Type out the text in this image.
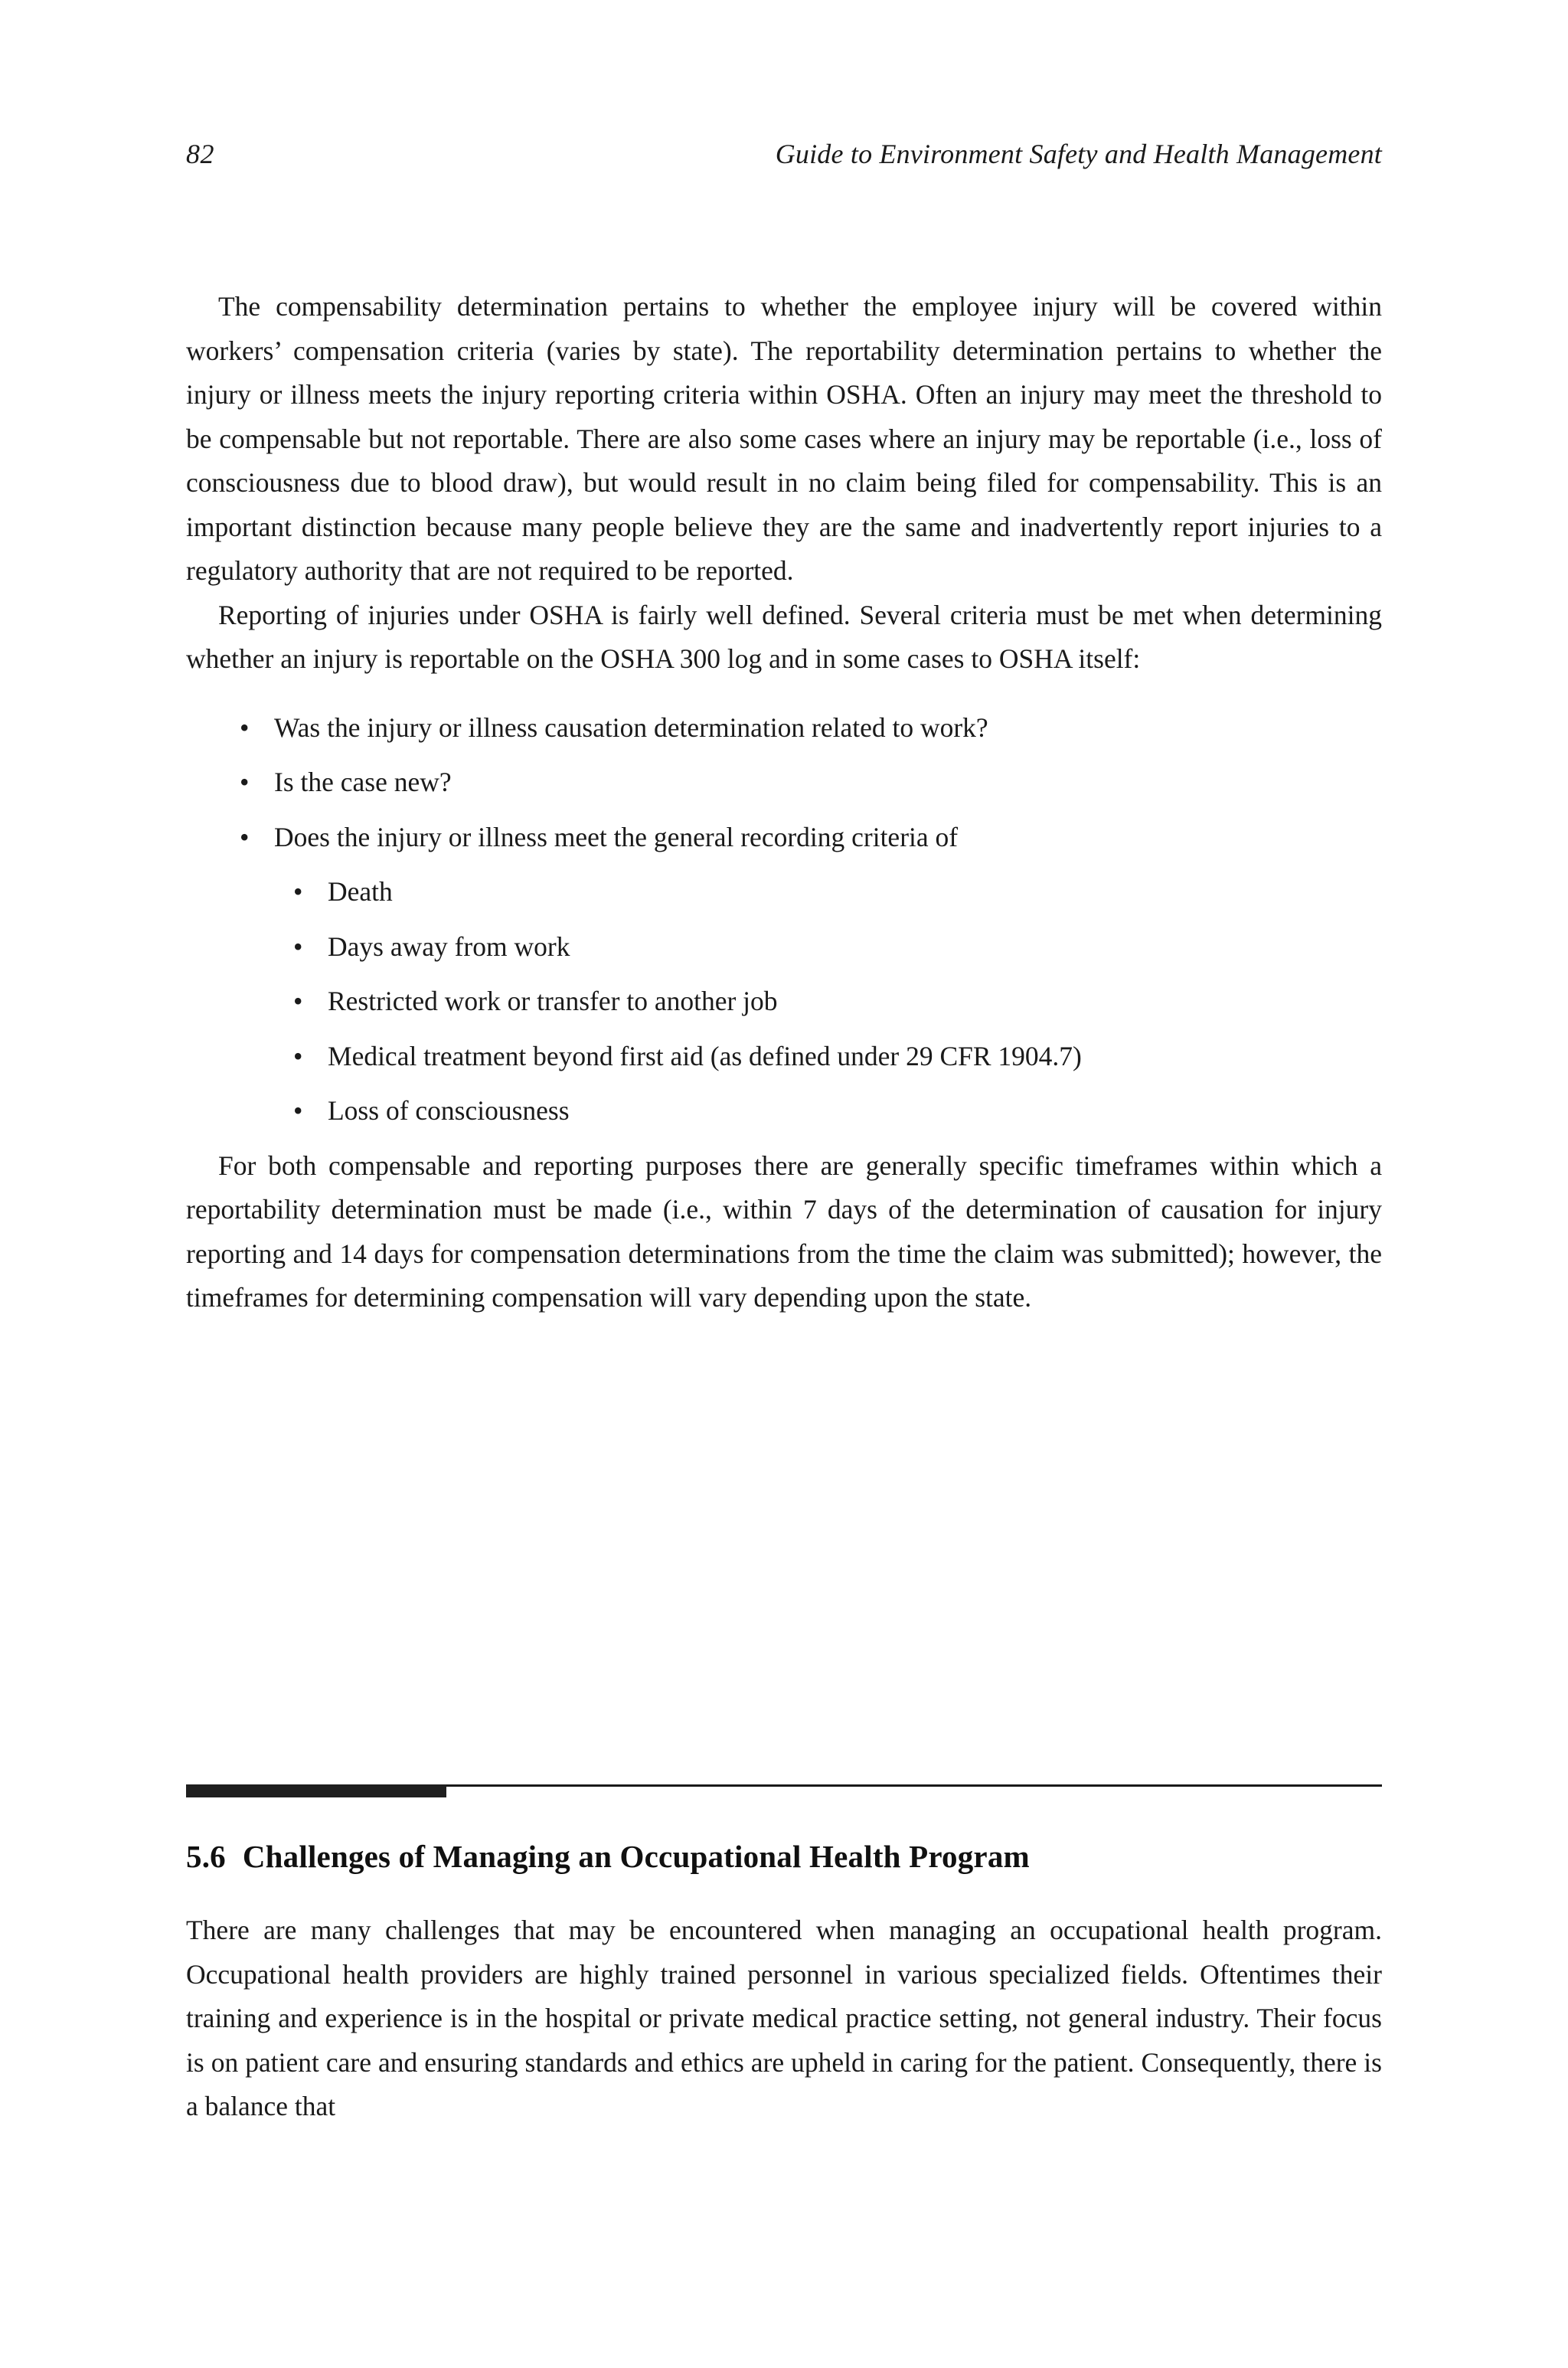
82	Guide to Environment Safety and Health Management

The compensability determination pertains to whether the employee injury will be covered within workers’ compensation criteria (varies by state). The reportability determination pertains to whether the injury or illness meets the injury reporting criteria within OSHA. Often an injury may meet the threshold to be compensable but not reportable. There are also some cases where an injury may be reportable (i.e., loss of consciousness due to blood draw), but would result in no claim being filed for compensability. This is an important distinction because many people believe they are the same and inadvertently report injuries to a regulatory authority that are not required to be reported.

Reporting of injuries under OSHA is fairly well defined. Several criteria must be met when determining whether an injury is reportable on the OSHA 300 log and in some cases to OSHA itself:

• Was the injury or illness causation determination related to work?
• Is the case new?
• Does the injury or illness meet the general recording criteria of
• Death
• Days away from work
• Restricted work or transfer to another job
• Medical treatment beyond first aid (as defined under 29 CFR 1904.7)
• Loss of consciousness

For both compensable and reporting purposes there are generally specific timeframes within which a reportability determination must be made (i.e., within 7 days of the determination of causation for injury reporting and 14 days for compensation determinations from the time the claim was submitted); however, the timeframes for determining compensation will vary depending upon the state.

5.6 Challenges of Managing an Occupational Health Program

There are many challenges that may be encountered when managing an occupational health program. Occupational health providers are highly trained personnel in various specialized fields. Oftentimes their training and experience is in the hospital or private medical practice setting, not general industry. Their focus is on patient care and ensuring standards and ethics are upheld in caring for the patient. Consequently, there is a balance that
